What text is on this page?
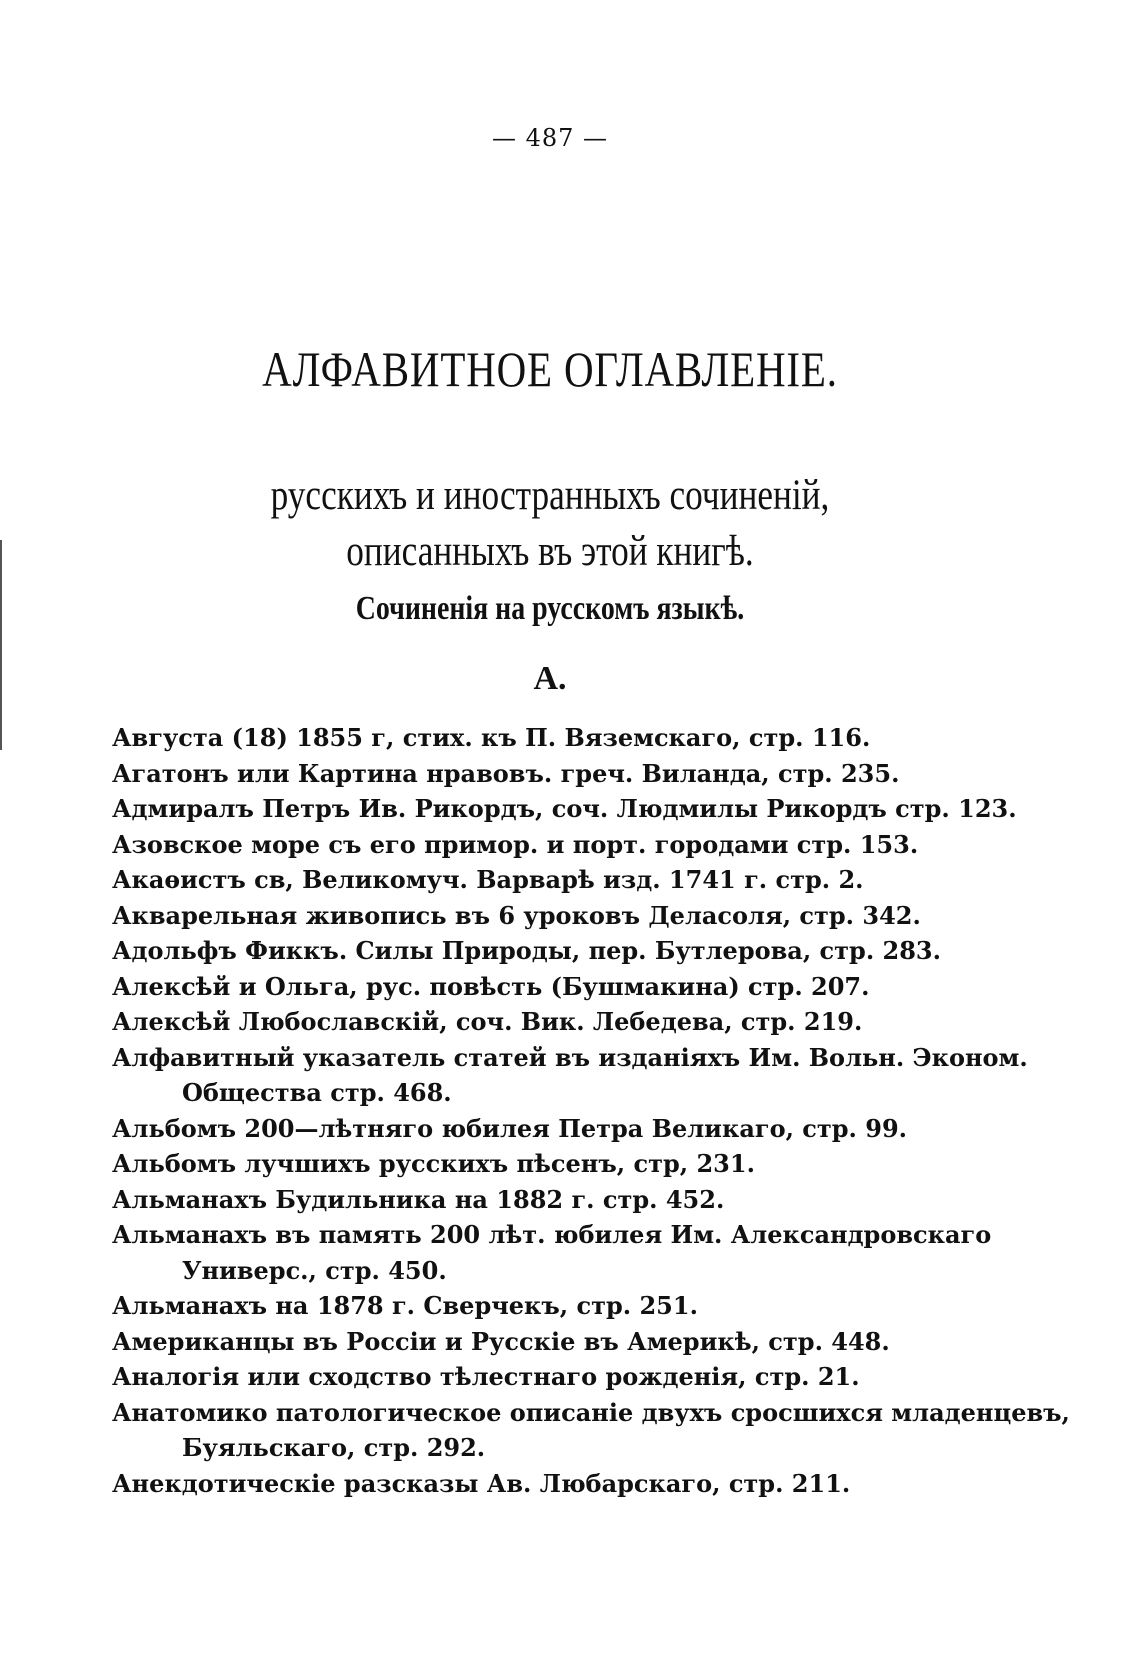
— 487 —
АЛФАВИТНОЕ ОГЛАВЛЕНІЕ.
русскихъ и иностранныхъ сочиненій,
описанныхъ въ этой книгѣ.
Сочиненія на русскомъ языкѣ.
А.
Августа (18) 1855 г, стих. къ П. Вяземскаго, стр. 116.
Агатонъ или Картина нравовъ. греч. Виланда, стр. 235.
Адмиралъ Петръ Ив. Рикордъ, соч. Людмилы Рикордъ стр. 123.
Азовское море съ его примор. и порт. городами стр. 153.
Акаѳистъ св, Великомуч. Варварѣ изд. 1741 г. стр. 2.
Акварельная живопись въ 6 уроковъ Деласоля, стр. 342.
Адольфъ Фиккъ. Силы Природы, пер. Бутлерова, стр. 283.
Алексѣй и Ольга, рус. повѣсть (Бушмакина) стр. 207.
Алексѣй Любославскій, соч. Вик. Лебедева, стр. 219.
Алфавитный указатель статей въ изданіяхъ Им. Вольн. Эконом.
Общества стр. 468.
Альбомъ 200—лѣтняго юбилея Петра Великаго, стр. 99.
Альбомъ лучшихъ русскихъ пѣсенъ, стр, 231.
Альманахъ Будильника на 1882 г. стр. 452.
Альманахъ въ память 200 лѣт. юбилея Им. Александровскаго
Универс., стр. 450.
Альманахъ на 1878 г. Сверчекъ, стр. 251.
Американцы въ Россіи и Русскіе въ Америкѣ, стр. 448.
Аналогія или сходство тѣлестнаго рожденія, стр. 21.
Анатомико патологическое описаніе двухъ сросшихся младенцевъ,
Буяльскаго, стр. 292.
Анекдотическіе разсказы Ав. Любарскаго, стр. 211.
